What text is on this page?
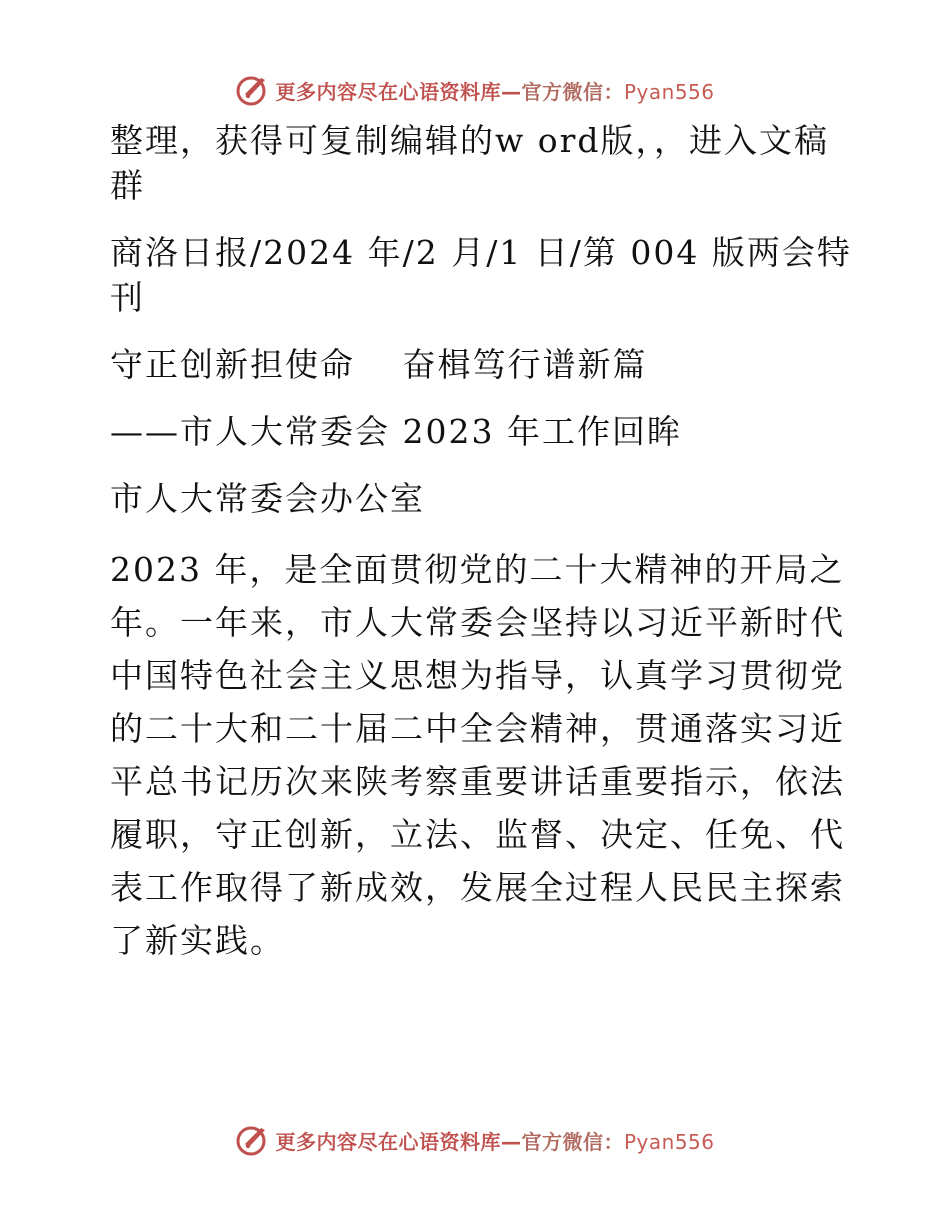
更多内容尽在心语资料库—官方微信：Pyan556

整理，获得可复制编辑的w ord版，，进入文稿群

商洛日报/2024 年/2 月/1 日/第 004 版两会特刊

守正创新担使命　 奋楫笃行谱新篇

——市人大常委会 2023 年工作回眸

市人大常委会办公室

2023 年，是全面贯彻党的二十大精神的开局之年。一年来，市人大常委会坚持以习近平新时代中国特色社会主义思想为指导，认真学习贯彻党的二十大和二十届二中全会精神，贯通落实习近平总书记历次来陕考察重要讲话重要指示，依法履职，守正创新，立法、监督、决定、任免、代表工作取得了新成效，发展全过程人民民主探索了新实践。

更多内容尽在心语资料库—官方微信：Pyan556
